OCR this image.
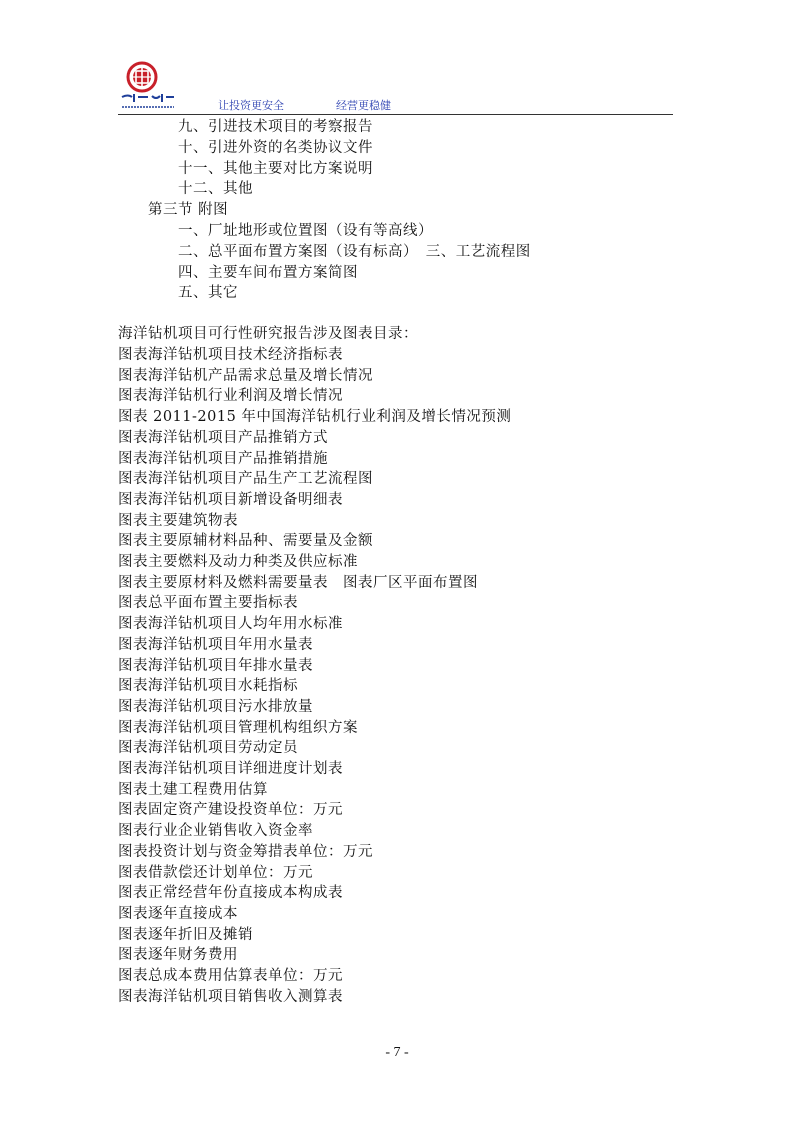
让投资更安全	经营更稳健
九、引进技术项目的考察报告
十、引进外资的名类协议文件
十一、其他主要对比方案说明
十二、其他
第三节 附图
一、厂址地形或位置图（设有等高线）
二、总平面布置方案图（设有标高）　三、工艺流程图
四、主要车间布置方案简图
五、其它
海洋钻机项目可行性研究报告涉及图表目录：
图表海洋钻机项目技术经济指标表
图表海洋钻机产品需求总量及增长情况
图表海洋钻机行业利润及增长情况
图表 2011-2015 年中国海洋钻机行业利润及增长情况预测
图表海洋钻机项目产品推销方式
图表海洋钻机项目产品推销措施
图表海洋钻机项目产品生产工艺流程图
图表海洋钻机项目新增设备明细表
图表主要建筑物表
图表主要原辅材料品种、需要量及金额
图表主要燃料及动力种类及供应标准
图表主要原材料及燃料需要量表　图表厂区平面布置图
图表总平面布置主要指标表
图表海洋钻机项目人均年用水标准
图表海洋钻机项目年用水量表
图表海洋钻机项目年排水量表
图表海洋钻机项目水耗指标
图表海洋钻机项目污水排放量
图表海洋钻机项目管理机构组织方案
图表海洋钻机项目劳动定员
图表海洋钻机项目详细进度计划表
图表土建工程费用估算
图表固定资产建设投资单位：万元
图表行业企业销售收入资金率
图表投资计划与资金筹措表单位：万元
图表借款偿还计划单位：万元
图表正常经营年份直接成本构成表
图表逐年直接成本
图表逐年折旧及摊销
图表逐年财务费用
图表总成本费用估算表单位：万元
图表海洋钻机项目销售收入测算表
- 7 -
